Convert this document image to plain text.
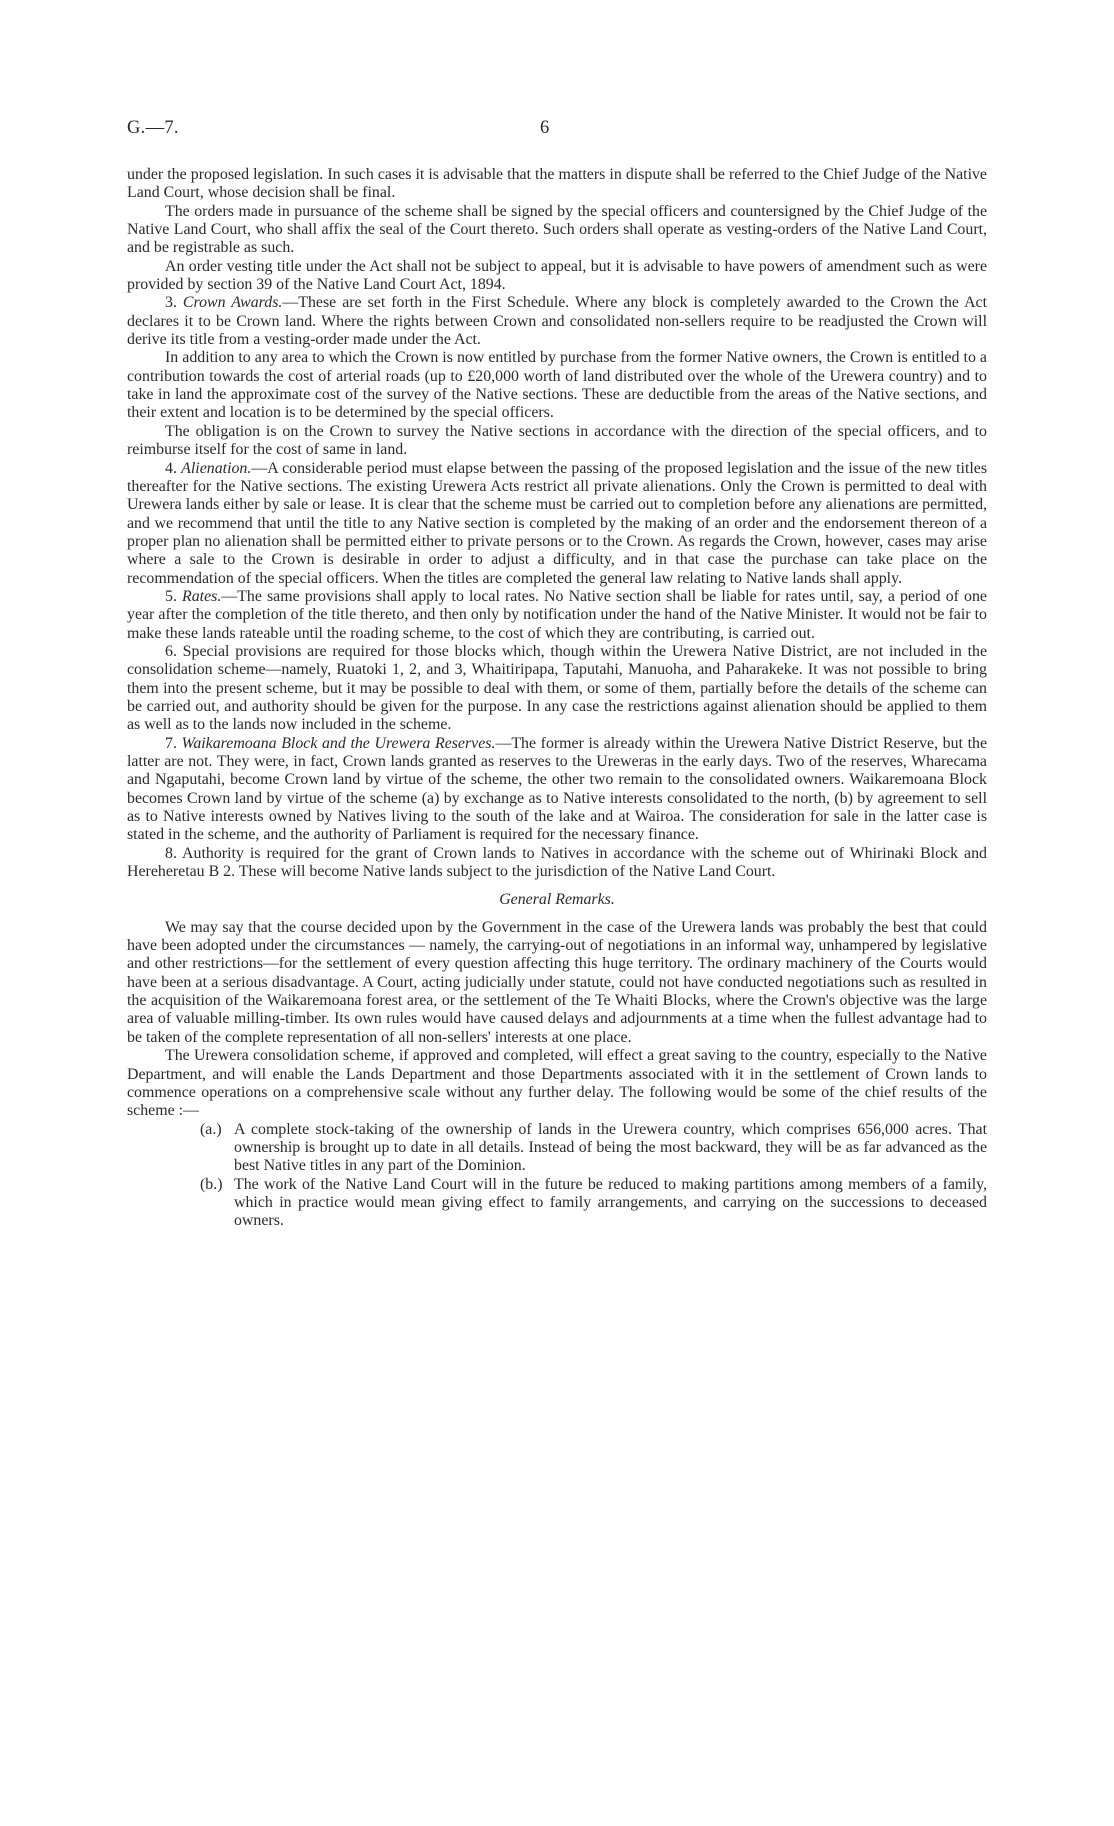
G.—7.	6

under the proposed legislation. In such cases it is advisable that the matters in dispute shall be referred to the Chief Judge of the Native Land Court, whose decision shall be final.

The orders made in pursuance of the scheme shall be signed by the special officers and countersigned by the Chief Judge of the Native Land Court, who shall affix the seal of the Court thereto. Such orders shall operate as vesting-orders of the Native Land Court, and be registrable as such.

An order vesting title under the Act shall not be subject to appeal, but it is advisable to have powers of amendment such as were provided by section 39 of the Native Land Court Act, 1894.

3. Crown Awards.—These are set forth in the First Schedule. Where any block is completely awarded to the Crown the Act declares it to be Crown land. Where the rights between Crown and consolidated non-sellers require to be readjusted the Crown will derive its title from a vesting-order made under the Act.

In addition to any area to which the Crown is now entitled by purchase from the former Native owners, the Crown is entitled to a contribution towards the cost of arterial roads (up to £20,000 worth of land distributed over the whole of the Urewera country) and to take in land the approximate cost of the survey of the Native sections. These are deductible from the areas of the Native sections, and their extent and location is to be determined by the special officers.

The obligation is on the Crown to survey the Native sections in accordance with the direction of the special officers, and to reimburse itself for the cost of same in land.

4. Alienation.—A considerable period must elapse between the passing of the proposed legislation and the issue of the new titles thereafter for the Native sections. The existing Urewera Acts restrict all private alienations. Only the Crown is permitted to deal with Urewera lands either by sale or lease. It is clear that the scheme must be carried out to completion before any alienations are permitted, and we recommend that until the title to any Native section is completed by the making of an order and the endorsement thereon of a proper plan no alienation shall be permitted either to private persons or to the Crown. As regards the Crown, however, cases may arise where a sale to the Crown is desirable in order to adjust a difficulty, and in that case the purchase can take place on the recommendation of the special officers. When the titles are completed the general law relating to Native lands shall apply.

5. Rates.—The same provisions shall apply to local rates. No Native section shall be liable for rates until, say, a period of one year after the completion of the title thereto, and then only by notification under the hand of the Native Minister. It would not be fair to make these lands rateable until the roading scheme, to the cost of which they are contributing, is carried out.

6. Special provisions are required for those blocks which, though within the Urewera Native District, are not included in the consolidation scheme—namely, Ruatoki 1, 2, and 3, Whaitiripapa, Taputahi, Manuoha, and Paharakeke. It was not possible to bring them into the present scheme, but it may be possible to deal with them, or some of them, partially before the details of the scheme can be carried out, and authority should be given for the purpose. In any case the restrictions against alienation should be applied to them as well as to the lands now included in the scheme.

7. Waikaremoana Block and the Urewera Reserves.—The former is already within the Urewera Native District Reserve, but the latter are not. They were, in fact, Crown lands granted as reserves to the Ureweras in the early days. Two of the reserves, Wharecama and Ngaputahi, become Crown land by virtue of the scheme, the other two remain to the consolidated owners. Waikaremoana Block becomes Crown land by virtue of the scheme (a) by exchange as to Native interests consolidated to the north, (b) by agreement to sell as to Native interests owned by Natives living to the south of the lake and at Wairoa. The consideration for sale in the latter case is stated in the scheme, and the authority of Parliament is required for the necessary finance.

8. Authority is required for the grant of Crown lands to Natives in accordance with the scheme out of Whirinaki Block and Hereheretau B 2. These will become Native lands subject to the jurisdiction of the Native Land Court.

General Remarks.

We may say that the course decided upon by the Government in the case of the Urewera lands was probably the best that could have been adopted under the circumstances — namely, the carrying-out of negotiations in an informal way, unhampered by legislative and other restrictions—for the settlement of every question affecting this huge territory. The ordinary machinery of the Courts would have been at a serious disadvantage. A Court, acting judicially under statute, could not have conducted negotiations such as resulted in the acquisition of the Waikaremoana forest area, or the settlement of the Te Whaiti Blocks, where the Crown's objective was the large area of valuable milling-timber. Its own rules would have caused delays and adjournments at a time when the fullest advantage had to be taken of the complete representation of all non-sellers' interests at one place.

The Urewera consolidation scheme, if approved and completed, will effect a great saving to the country, especially to the Native Department, and will enable the Lands Department and those Departments associated with it in the settlement of Crown lands to commence operations on a comprehensive scale without any further delay. The following would be some of the chief results of the scheme :—

(a.) A complete stock-taking of the ownership of lands in the Urewera country, which comprises 656,000 acres. That ownership is brought up to date in all details. Instead of being the most backward, they will be as far advanced as the best Native titles in any part of the Dominion.
(b.) The work of the Native Land Court will in the future be reduced to making partitions among members of a family, which in practice would mean giving effect to family arrangements, and carrying on the successions to deceased owners.
